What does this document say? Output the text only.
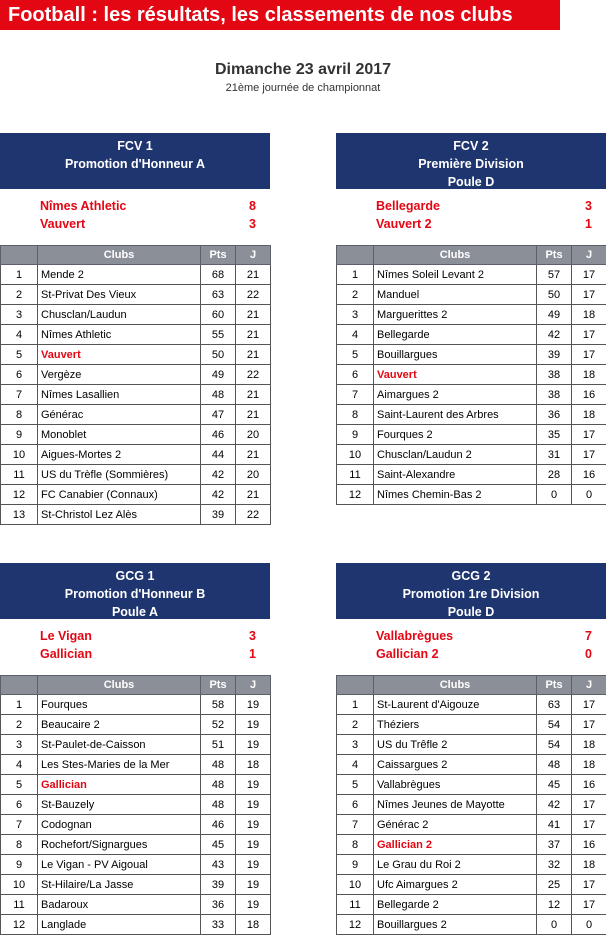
Football : les résultats, les classements de nos clubs
Dimanche 23 avril 2017
21ème journée de championnat
FCV 1
Promotion d'Honneur A
Nîmes Athletic	8
Vauvert	3
	Clubs	Pts	J
1	Mende 2	68	21
2	St-Privat Des Vieux	63	22
3	Chusclan/Laudun	60	21
4	Nîmes Athletic	55	21
5	Vauvert	50	21
6	Vergèze	49	22
7	Nîmes Lasallien	48	21
8	Générac	47	21
9	Monoblet	46	20
10	Aigues-Mortes 2	44	21
11	US du Trèfle (Sommières)	42	20
12	FC Canabier (Connaux)	42	21
13	St-Christol Lez Alès	39	22
FCV 2
Première Division
Poule D
Bellegarde	3
Vauvert 2	1
	Clubs	Pts	J
1	Nîmes Soleil Levant 2	57	17
2	Manduel	50	17
3	Marguerittes 2	49	18
4	Bellegarde	42	17
5	Bouillargues	39	17
6	Vauvert	38	18
7	Aimargues 2	38	16
8	Saint-Laurent des Arbres	36	18
9	Fourques 2	35	17
10	Chusclan/Laudun 2	31	17
11	Saint-Alexandre	28	16
12	Nîmes Chemin-Bas 2	0	0
GCG 1
Promotion d'Honneur B
Poule A
Le Vigan	3
Gallician	1
	Clubs	Pts	J
1	Fourques	58	19
2	Beaucaire 2	52	19
3	St-Paulet-de-Caisson	51	19
4	Les Stes-Maries de la Mer	48	18
5	Gallician	48	19
6	St-Bauzely	48	19
7	Codognan	46	19
8	Rochefort/Signargues	45	19
9	Le Vigan - PV Aigoual	43	19
10	St-Hilaire/La Jasse	39	19
11	Badaroux	36	19
12	Langlade	33	18
GCG 2
Promotion 1re Division
Poule D
Vallabrègues	7
Gallician 2	0
	Clubs	Pts	J
1	St-Laurent d'Aigouze	63	17
2	Théziers	54	17
3	US du Trêfle 2	54	18
4	Caissargues 2	48	18
5	Vallabrègues	45	16
6	Nîmes Jeunes de Mayotte	42	17
7	Générac 2	41	17
8	Gallician 2	37	16
9	Le Grau du Roi 2	32	18
10	Ufc Aimargues 2	25	17
11	Bellegarde 2	12	17
12	Bouillargues 2	0	0
